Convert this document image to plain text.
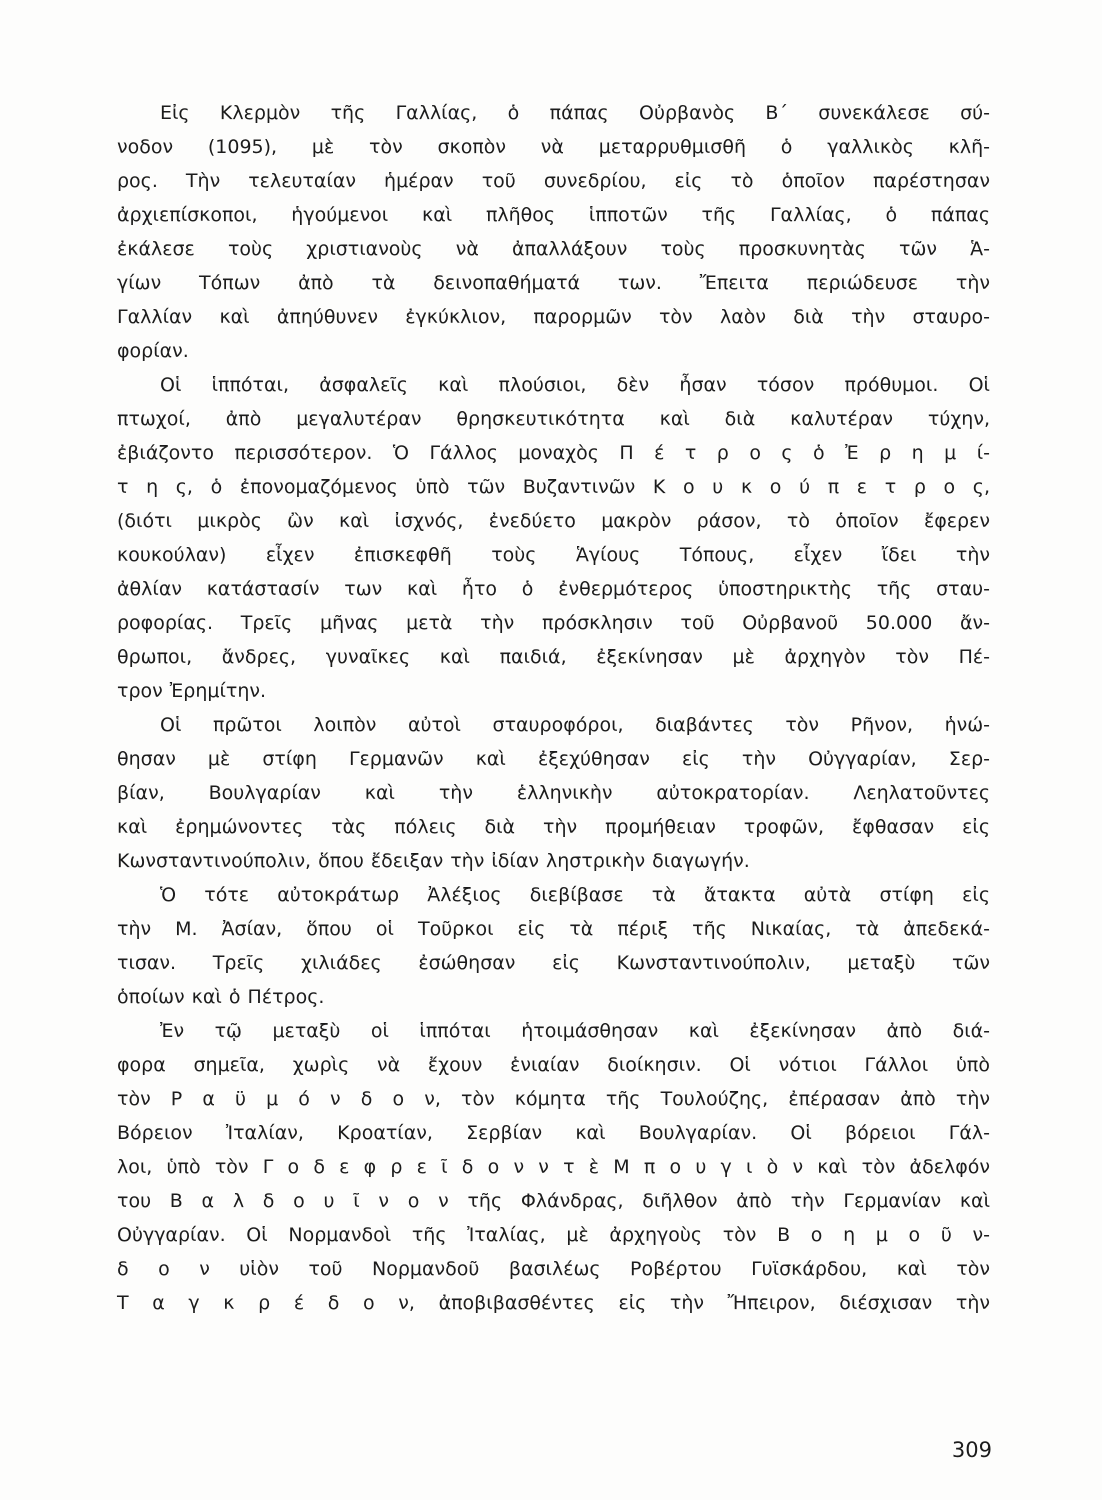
Εἰς Κλερμὸν τῆς Γαλλίας, ὁ πάπας Οὐρβανὸς Β΄ συνεκάλεσε σύ-
νοδον (1095), μὲ τὸν σκοπὸν νὰ μεταρρυθμισθῆ ὁ γαλλικὸς κλῆ-
ρος. Τὴν τελευταίαν ἡμέραν τοῦ συνεδρίου, εἰς τὸ ὁποῖον παρέστησαν
ἀρχιεπίσκοποι, ἡγούμενοι καὶ πλῆθος ἱπποτῶν τῆς Γαλλίας, ὁ πάπας
ἐκάλεσε τοὺς χριστιανοὺς νὰ ἀπαλλάξουν τοὺς προσκυνητὰς τῶν Ἁ-
γίων Τόπων ἀπὸ τὰ δεινοπαθήματά των. Ἔπειτα περιώδευσε τὴν
Γαλλίαν καὶ ἀπηύθυνεν ἐγκύκλιον, παρορμῶν τὸν λαὸν διὰ τὴν σταυρο-
φορίαν.
Οἱ ἱππόται, ἀσφαλεῖς καὶ πλούσιοι, δὲν ἦσαν τόσον πρόθυμοι. Οἱ
πτωχοί, ἀπὸ μεγαλυτέραν θρησκευτικότητα καὶ διὰ καλυτέραν τύχην,
ἐβιάζοντο περισσότερον. Ὁ Γάλλος μοναχὸς Π έ τ ρ ο ς ὁ Ἐ ρ η μ ί-
τ η ς, ὁ ἐπονομαζόμενος ὑπὸ τῶν Βυζαντινῶν Κ ο υ κ ο ύ π ε τ ρ ο ς,
(διότι μικρὸς ὢν καὶ ἰσχνός, ἐνεδύετο μακρὸν ράσον, τὸ ὁποῖον ἔφερεν
κουκούλαν) εἶχεν ἐπισκεφθῆ τοὺς Ἁγίους Τόπους, εἶχεν ἴδει τὴν
ἀθλίαν κατάστασίν των καὶ ἦτο ὁ ἐνθερμότερος ὑποστηρικτὴς τῆς σταυ-
ροφορίας. Τρεῖς μῆνας μετὰ τὴν πρόσκλησιν τοῦ Οὐρβανοῦ 50.000 ἄν-
θρωποι, ἄνδρες, γυναῖκες καὶ παιδιά, ἐξεκίνησαν μὲ ἀρχηγὸν τὸν Πέ-
τρον Ἐρημίτην.
Οἱ πρῶτοι λοιπὸν αὐτοὶ σταυροφόροι, διαβάντες τὸν Ρῆνον, ἡνώ-
θησαν μὲ στίφη Γερμανῶν καὶ ἐξεχύθησαν εἰς τὴν Οὐγγαρίαν, Σερ-
βίαν, Βουλγαρίαν καὶ τὴν ἑλληνικὴν αὐτοκρατορίαν. Λεηλατοῦντες
καὶ ἐρημώνοντες τὰς πόλεις διὰ τὴν προμήθειαν τροφῶν, ἔφθασαν εἰς
Κωνσταντινούπολιν, ὅπου ἔδειξαν τὴν ἰδίαν ληστρικὴν διαγωγήν.
Ὁ τότε αὐτοκράτωρ Ἀλέξιος διεβίβασε τὰ ἄτακτα αὐτὰ στίφη εἰς
τὴν Μ. Ἀσίαν, ὅπου οἱ Τοῦρκοι εἰς τὰ πέριξ τῆς Νικαίας, τὰ ἀπεδεκά-
τισαν. Τρεῖς χιλιάδες ἐσώθησαν εἰς Κωνσταντινούπολιν, μεταξὺ τῶν
ὁποίων καὶ ὁ Πέτρος.
Ἐν τῷ μεταξὺ οἱ ἱππόται ἡτοιμάσθησαν καὶ ἐξεκίνησαν ἀπὸ διά-
φορα σημεῖα, χωρὶς νὰ ἔχουν ἑνιαίαν διοίκησιν. Οἱ νότιοι Γάλλοι ὑπὸ
τὸν Ρ α ϋ μ ό ν δ ο ν, τὸν κόμητα τῆς Τουλούζης, ἐπέρασαν ἀπὸ τὴν
Βόρειον Ἰταλίαν, Κροατίαν, Σερβίαν καὶ Βουλγαρίαν. Οἱ βόρειοι Γάλ-
λοι, ὑπὸ τὸν Γ ο δ ε φ ρ ε ῖ δ ο ν ν τ ὲ Μ π ο υ γ ι ὸ ν καὶ τὸν ἀδελφόν
του Β α λ δ ο υ ῖ ν ο ν τῆς Φλάνδρας, διῆλθον ἀπὸ τὴν Γερμανίαν καὶ
Οὐγγαρίαν. Οἱ Νορμανδοὶ τῆς Ἰταλίας, μὲ ἀρχηγοὺς τὸν Β ο η μ ο ῦ ν-
δ ο ν υἱὸν τοῦ Νορμανδοῦ βασιλέως Ροβέρτου Γυϊσκάρδου, καὶ τὸν
Τ α γ κ ρ έ δ ο ν, ἀποβιβασθέντες εἰς τὴν Ἤπειρον, διέσχισαν τὴν
309
